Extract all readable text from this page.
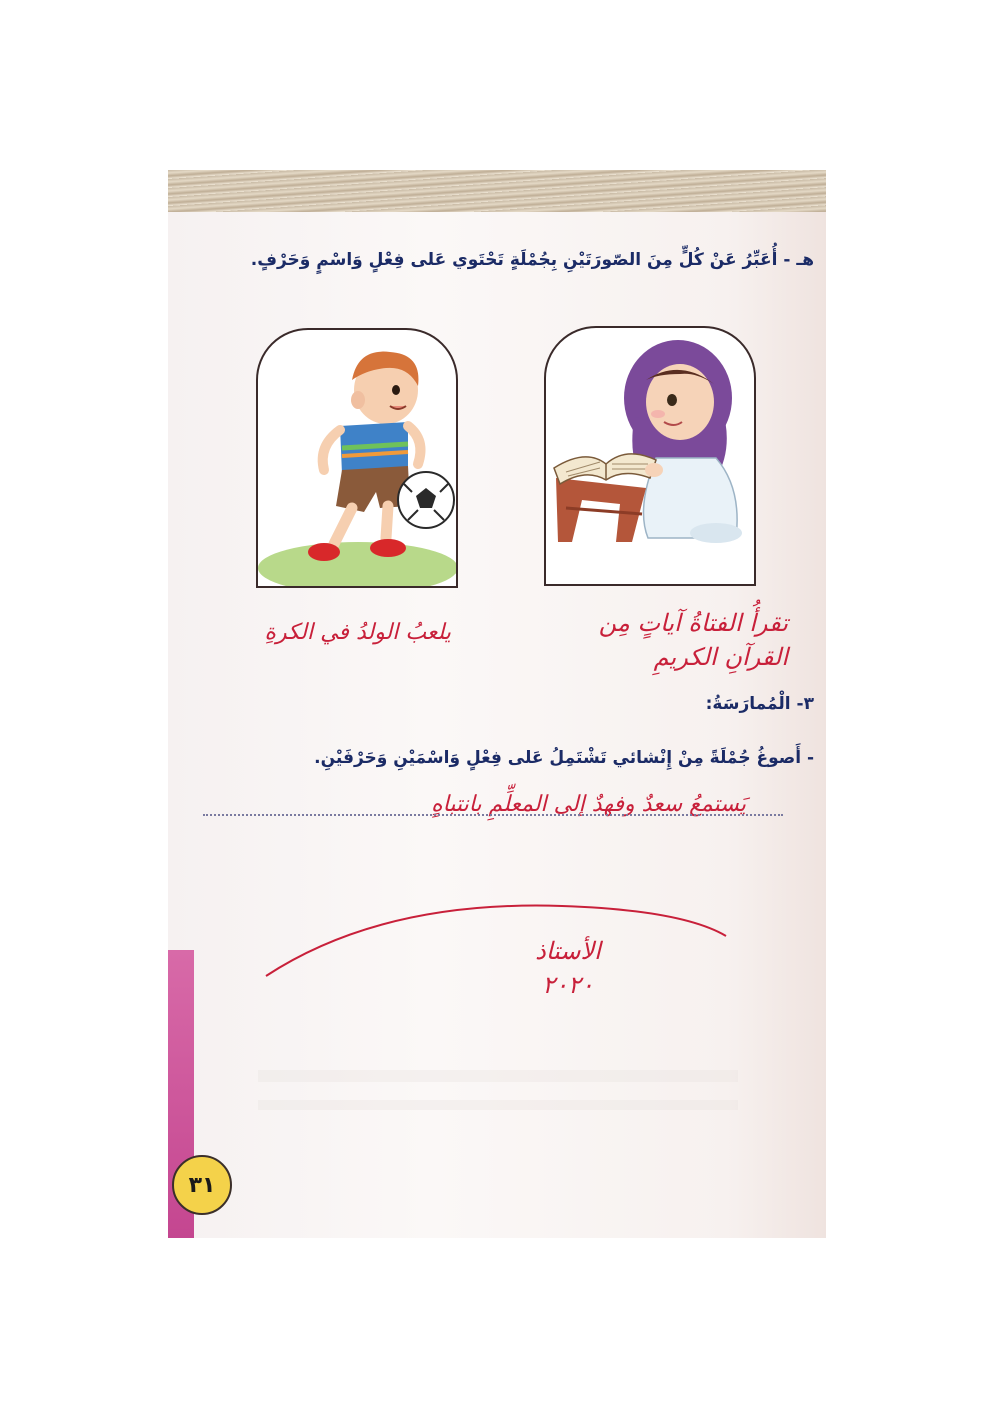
هـ - أُعَبِّرُ عَنْ كُلٍّ مِنَ الصّورَتَيْنِ بِجُمْلَةٍ تَحْتَوي عَلى فِعْلٍ وَاسْمٍ وَحَرْفٍ.
تقرأُ الفتاةُ آياتٍ مِن القرآنِ الكريمِ
يلعبُ الولدُ في الكرةِ
٣- الْمُمارَسَةُ:
- أَصوغُ جُمْلَةً مِنْ إِنْشائي تَشْتَمِلُ عَلى فِعْلٍ وَاسْمَيْنِ وَحَرْفَيْنِ.
يَستمعُ سعدٌ وفهدٌ إلى المعلِّمِ بانتباهٍ
الأستاذ
٢٠٢٠
٣١
